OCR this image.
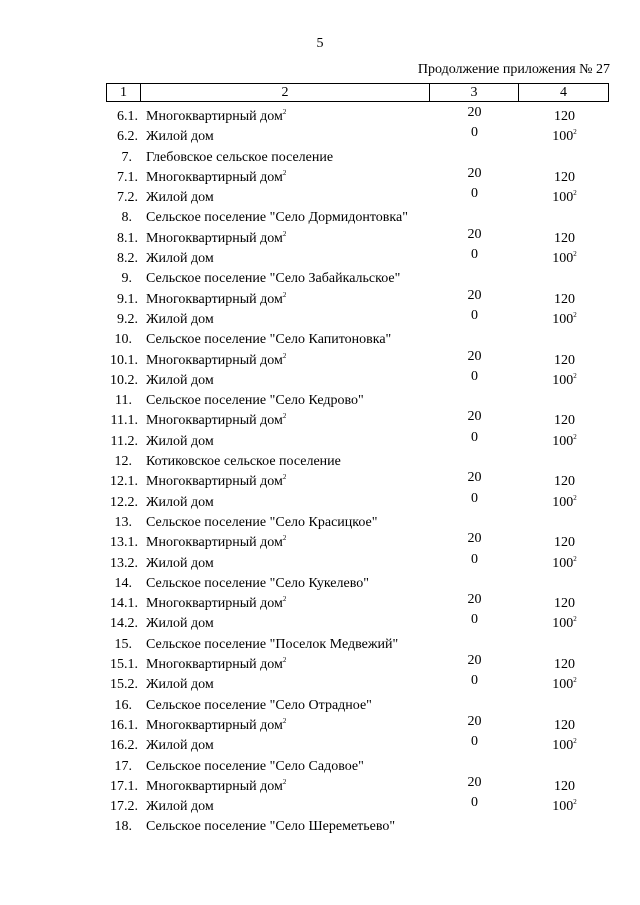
5
Продолжение приложения № 27
1	2	3	4
6.1. Многоквартирный дом$^2$	20	120
6.2. Жилой дом	0	$100^2$
7. Глебовское сельское поселение
7.1. Многоквартирный дом$^2$	20	120
7.2. Жилой дом	0	$100^2$
8. Сельское поселение "Село Дормидонтовка"
8.1. Многоквартирный дом$^2$	20	120
8.2. Жилой дом	0	$100^2$
9. Сельское поселение "Село Забайкальское"
9.1. Многоквартирный дом$^2$	20	120
9.2. Жилой дом	0	$100^2$
10. Сельское поселение "Село Капитоновка"
10.1. Многоквартирный дом$^2$	20	120
10.2. Жилой дом	0	$100^2$
11. Сельское поселение "Село Кедрово"
11.1. Многоквартирный дом$^2$	20	120
11.2. Жилой дом	0	$100^2$
12. Котиковское сельское поселение
12.1. Многоквартирный дом$^2$	20	120
12.2. Жилой дом	0	$100^2$
13. Сельское поселение "Село Красицкое"
13.1. Многоквартирный дом$^2$	20	120
13.2. Жилой дом	0	$100^2$
14. Сельское поселение "Село Кукелево"
14.1. Многоквартирный дом$^2$	20	120
14.2. Жилой дом	0	$100^2$
15. Сельское поселение "Поселок Медвежий"
15.1. Многоквартирный дом$^2$	20	120
15.2. Жилой дом	0	$100^2$
16. Сельское поселение "Село Отрадное"
16.1. Многоквартирный дом$^2$	20	120
16.2. Жилой дом	0	$100^2$
17. Сельское поселение "Село Садовое"
17.1. Многоквартирный дом$^2$	20	120
17.2. Жилой дом	0	$100^2$
18. Сельское поселение "Село Шереметьево"
